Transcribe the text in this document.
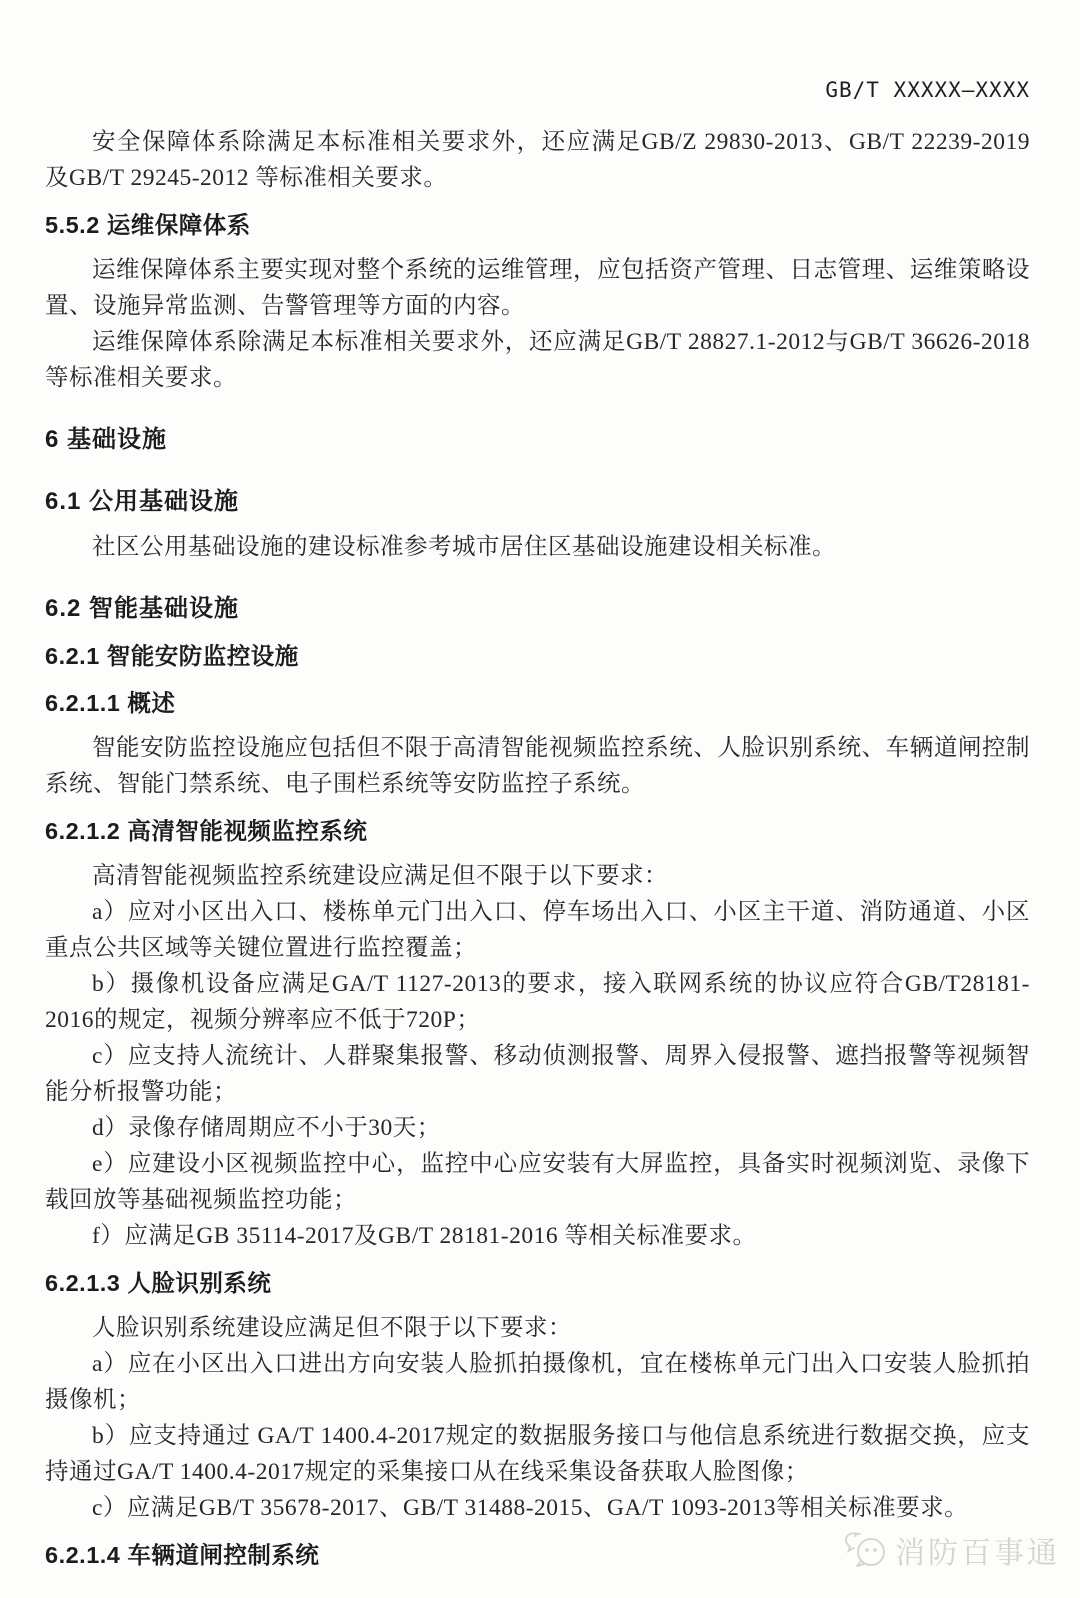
GB/T XXXXX—XXXX

安全保障体系除满足本标准相关要求外，还应满足GB/Z 29830-2013、GB/T 22239-2019 及GB/T 29245-2012 等标准相关要求。

5.5.2 运维保障体系

运维保障体系主要实现对整个系统的运维管理，应包括资产管理、日志管理、运维策略设置、设施异常监测、告警管理等方面的内容。

运维保障体系除满足本标准相关要求外，还应满足GB/T 28827.1-2012与GB/T 36626-2018 等标准相关要求。

6 基础设施
6.1 公用基础设施

社区公用基础设施的建设标准参考城市居住区基础设施建设相关标准。

6.2 智能基础设施
6.2.1 智能安防监控设施
6.2.1.1 概述

智能安防监控设施应包括但不限于高清智能视频监控系统、人脸识别系统、车辆道闸控制系统、智能门禁系统、电子围栏系统等安防监控子系统。

6.2.1.2 高清智能视频监控系统

高清智能视频监控系统建设应满足但不限于以下要求：

a）应对小区出入口、楼栋单元门出入口、停车场出入口、小区主干道、消防通道、小区重点公共区域等关键位置进行监控覆盖；

b）摄像机设备应满足GA/T 1127-2013的要求，接入联网系统的协议应符合GB/T28181-2016的规定，视频分辨率应不低于720P；

c）应支持人流统计、人群聚集报警、移动侦测报警、周界入侵报警、遮挡报警等视频智能分析报警功能；

d）录像存储周期应不小于30天；

e）应建设小区视频监控中心，监控中心应安装有大屏监控，具备实时视频浏览、录像下载回放等基础视频监控功能；

f）应满足GB 35114-2017及GB/T 28181-2016 等相关标准要求。

6.2.1.3 人脸识别系统

人脸识别系统建设应满足但不限于以下要求：

a）应在小区出入口进出方向安装人脸抓拍摄像机，宜在楼栋单元门出入口安装人脸抓拍摄像机；

b）应支持通过 GA/T 1400.4-2017规定的数据服务接口与他信息系统进行数据交换，应支持通过GA/T 1400.4-2017规定的采集接口从在线采集设备获取人脸图像；

c）应满足GB/T 35678-2017、GB/T 31488-2015、GA/T 1093-2013等相关标准要求。

6.2.1.4 车辆道闸控制系统	消防百事通
